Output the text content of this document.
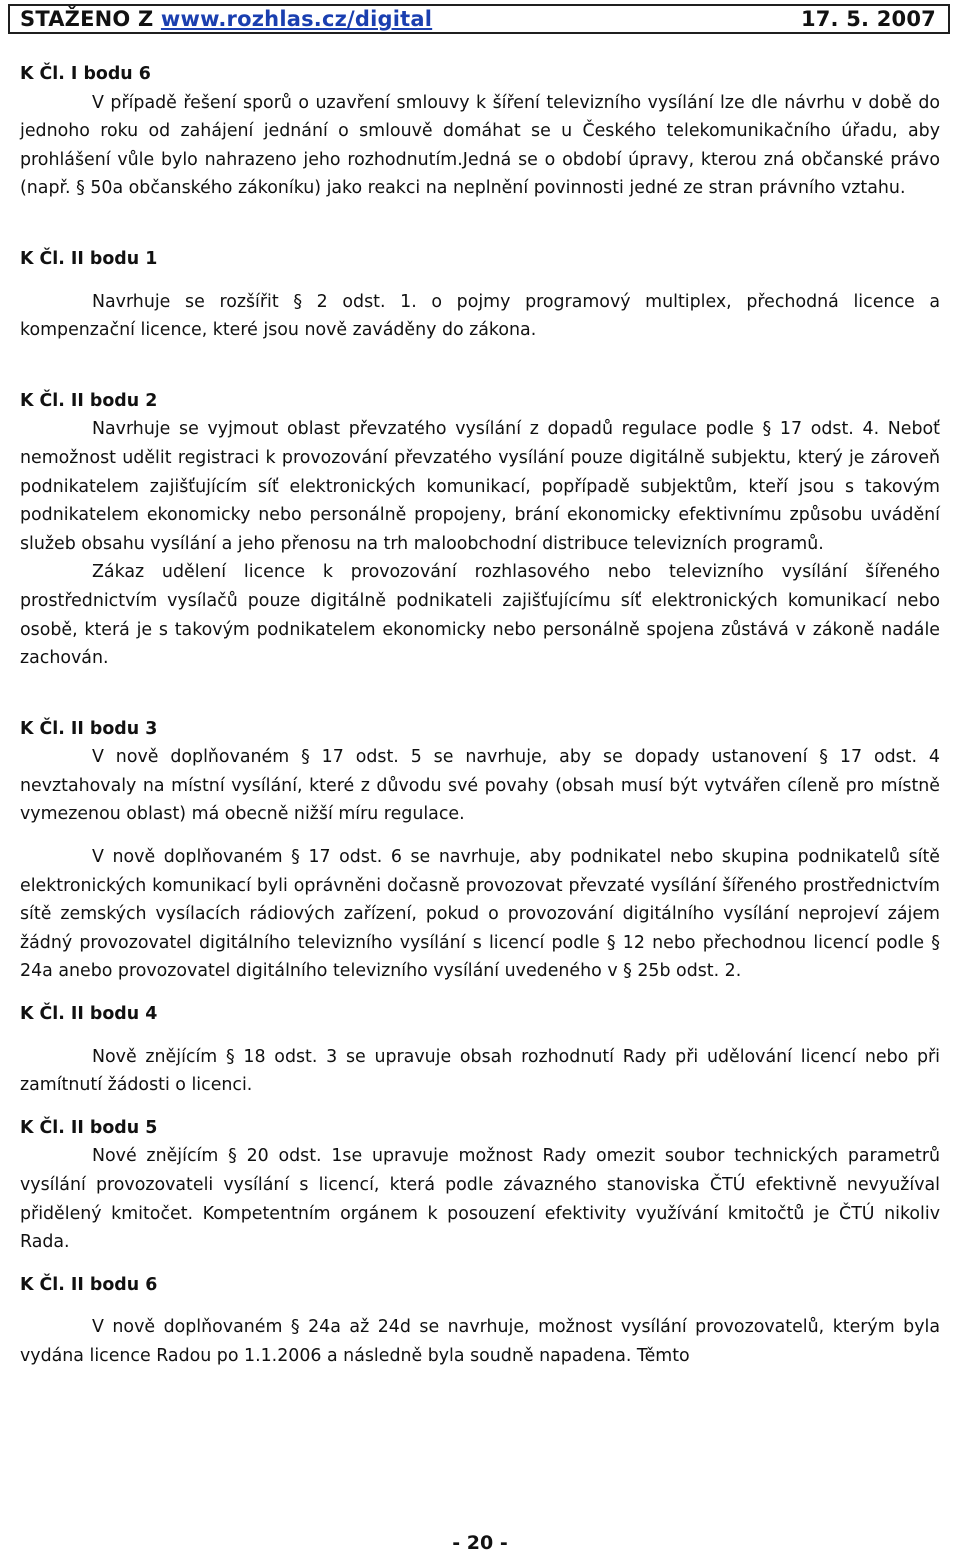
STAŽENO Z www.rozhlas.cz/digital	17. 5. 2007

K Čl. I bodu 6

V případě řešení sporů o uzavření smlouvy k šíření televizního vysílání lze dle návrhu v době do jednoho roku od zahájení jednání o smlouvě domáhat se u Českého telekomunikačního úřadu, aby prohlášení vůle bylo nahrazeno jeho rozhodnutím.Jedná se o období úpravy, kterou zná občanské právo (např. § 50a občanského zákoníku) jako reakci na neplnění povinnosti jedné ze stran právního vztahu.

K Čl. II bodu 1

Navrhuje se rozšířit § 2 odst. 1. o pojmy programový multiplex, přechodná licence a kompenzační licence, které jsou nově zaváděny do zákona.

K Čl. II bodu 2

Navrhuje se vyjmout oblast převzatého vysílání z dopadů regulace podle § 17 odst. 4. Neboť nemožnost udělit registraci k provozování převzatého vysílání pouze digitálně subjektu, který je zároveň podnikatelem zajišťujícím síť elektronických komunikací, popřípadě subjektům, kteří jsou s takovým podnikatelem ekonomicky nebo personálně propojeny, brání ekonomicky efektivnímu způsobu uvádění služeb obsahu vysílání a jeho přenosu na trh maloobchodní distribuce televizních programů.

Zákaz udělení licence k provozování rozhlasového nebo televizního vysílání šířeného prostřednictvím vysílačů pouze digitálně podnikateli zajišťujícímu síť elektronických komunikací nebo osobě, která je s takovým podnikatelem ekonomicky nebo personálně spojena zůstává v zákoně nadále zachován.

K Čl. II bodu 3

V nově doplňovaném § 17 odst. 5 se navrhuje, aby se dopady ustanovení § 17 odst. 4 nevztahovaly na místní vysílání, které z důvodu své povahy (obsah musí být vytvářen cíleně pro místně vymezenou oblast) má obecně nižší míru regulace.

V nově doplňovaném § 17 odst. 6 se navrhuje, aby podnikatel nebo skupina podnikatelů sítě elektronických komunikací byli oprávněni dočasně provozovat převzaté vysílání šířeného prostřednictvím sítě zemských vysílacích rádiových zařízení, pokud o provozování digitálního vysílání neprojeví zájem žádný provozovatel digitálního televizního vysílání s licencí podle § 12 nebo přechodnou licencí podle § 24a anebo provozovatel digitálního televizního vysílání uvedeného v § 25b odst. 2.

K Čl. II bodu 4

Nově znějícím § 18 odst. 3 se upravuje obsah rozhodnutí Rady při udělování licencí nebo při zamítnutí žádosti o licenci.

K Čl. II bodu 5

Nové znějícím § 20 odst. 1se upravuje možnost Rady omezit soubor technických parametrů vysílání provozovateli vysílání s licencí, která podle závazného stanoviska ČTÚ efektivně nevyužíval přidělený kmitočet. Kompetentním orgánem k posouzení efektivity využívání kmitočtů je ČTÚ nikoliv Rada.

K Čl. II bodu 6

V nově doplňovaném § 24a až 24d se navrhuje, možnost vysílání provozovatelů, kterým byla vydána licence Radou po 1.1.2006 a následně byla soudně napadena. Těmto

- 20 -
